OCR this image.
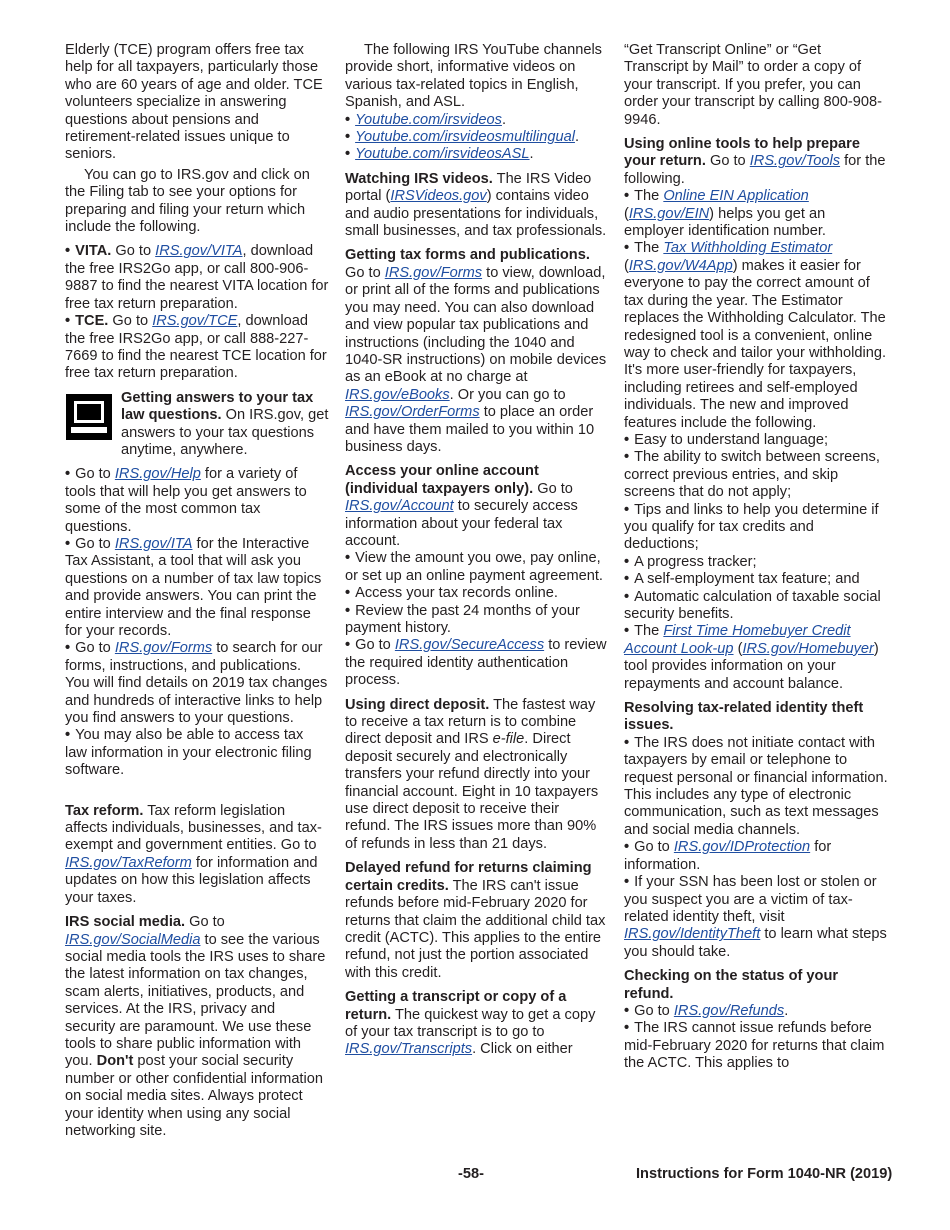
Elderly (TCE) program offers free tax help for all taxpayers, particularly those who are 60 years of age and older. TCE volunteers specialize in answering questions about pensions and retirement-related issues unique to seniors.

You can go to IRS.gov and click on the Filing tab to see your options for preparing and filing your return which include the following.

• VITA. Go to IRS.gov/VITA, download the free IRS2Go app, or call 800-906-9887 to find the nearest VITA location for free tax return preparation.

• TCE. Go to IRS.gov/TCE, download the free IRS2Go app, or call 888-227-7669 to find the nearest TCE location for free tax return preparation.

Getting answers to your tax law questions. On IRS.gov, get answers to your tax questions anytime, anywhere.

• Go to IRS.gov/Help for a variety of tools that will help you get answers to some of the most common tax questions.

• Go to IRS.gov/ITA for the Interactive Tax Assistant, a tool that will ask you questions on a number of tax law topics and provide answers. You can print the entire interview and the final response for your records.

• Go to IRS.gov/Forms to search for our forms, instructions, and publications. You will find details on 2019 tax changes and hundreds of interactive links to help you find answers to your questions.

• You may also be able to access tax law information in your electronic filing software.

Tax reform. Tax reform legislation affects individuals, businesses, and tax-exempt and government entities. Go to IRS.gov/TaxReform for information and updates on how this legislation affects your taxes.

IRS social media. Go to IRS.gov/SocialMedia to see the various social media tools the IRS uses to share the latest information on tax changes, scam alerts, initiatives, products, and services. At the IRS, privacy and security are paramount. We use these tools to share public information with you. Don't post your social security number or other confidential information on social media sites. Always protect your identity when using any social networking site.

The following IRS YouTube channels provide short, informative videos on various tax-related topics in English, Spanish, and ASL.

• Youtube.com/irsvideos.

• Youtube.com/irsvideosmultilingual.

• Youtube.com/irsvideosASL.

Watching IRS videos. The IRS Video portal (IRSVideos.gov) contains video and audio presentations for individuals, small businesses, and tax professionals.

Getting tax forms and publications. Go to IRS.gov/Forms to view, download, or print all of the forms and publications you may need. You can also download and view popular tax publications and instructions (including the 1040 and 1040-SR instructions) on mobile devices as an eBook at no charge at IRS.gov/eBooks. Or you can go to IRS.gov/OrderForms to place an order and have them mailed to you within 10 business days.

Access your online account (individual taxpayers only). Go to IRS.gov/Account to securely access information about your federal tax account.

• View the amount you owe, pay online, or set up an online payment agreement.

• Access your tax records online.

• Review the past 24 months of your payment history.

• Go to IRS.gov/SecureAccess to review the required identity authentication process.

Using direct deposit. The fastest way to receive a tax return is to combine direct deposit and IRS e-file. Direct deposit securely and electronically transfers your refund directly into your financial account. Eight in 10 taxpayers use direct deposit to receive their refund. The IRS issues more than 90% of refunds in less than 21 days.

Delayed refund for returns claiming certain credits. The IRS can't issue refunds before mid-February 2020 for returns that claim the additional child tax credit (ACTC). This applies to the entire refund, not just the portion associated with this credit.

Getting a transcript or copy of a return. The quickest way to get a copy of your tax transcript is to go to IRS.gov/Transcripts. Click on either

“Get Transcript Online” or “Get Transcript by Mail” to order a copy of your transcript. If you prefer, you can order your transcript by calling 800-908-9946.

Using online tools to help prepare your return. Go to IRS.gov/Tools for the following.

• The Online EIN Application (IRS.gov/EIN) helps you get an employer identification number.

• The Tax Withholding Estimator (IRS.gov/W4App) makes it easier for everyone to pay the correct amount of tax during the year. The Estimator replaces the Withholding Calculator. The redesigned tool is a convenient, online way to check and tailor your withholding. It's more user-friendly for taxpayers, including retirees and self-employed individuals. The new and improved features include the following.

• Easy to understand language;

• The ability to switch between screens, correct previous entries, and skip screens that do not apply;

• Tips and links to help you determine if you qualify for tax credits and deductions;

• A progress tracker;

• A self-employment tax feature; and

• Automatic calculation of taxable social security benefits.

• The First Time Homebuyer Credit Account Look-up (IRS.gov/Homebuyer) tool provides information on your repayments and account balance.

Resolving tax-related identity theft issues.

• The IRS does not initiate contact with taxpayers by email or telephone to request personal or financial information. This includes any type of electronic communication, such as text messages and social media channels.

• Go to IRS.gov/IDProtection for information.

• If your SSN has been lost or stolen or you suspect you are a victim of tax-related identity theft, visit IRS.gov/IdentityTheft to learn what steps you should take.

Checking on the status of your refund.

• Go to IRS.gov/Refunds.

• The IRS cannot issue refunds before mid-February 2020 for returns that claim the ACTC. This applies to

-58-	Instructions for Form 1040-NR (2019)
